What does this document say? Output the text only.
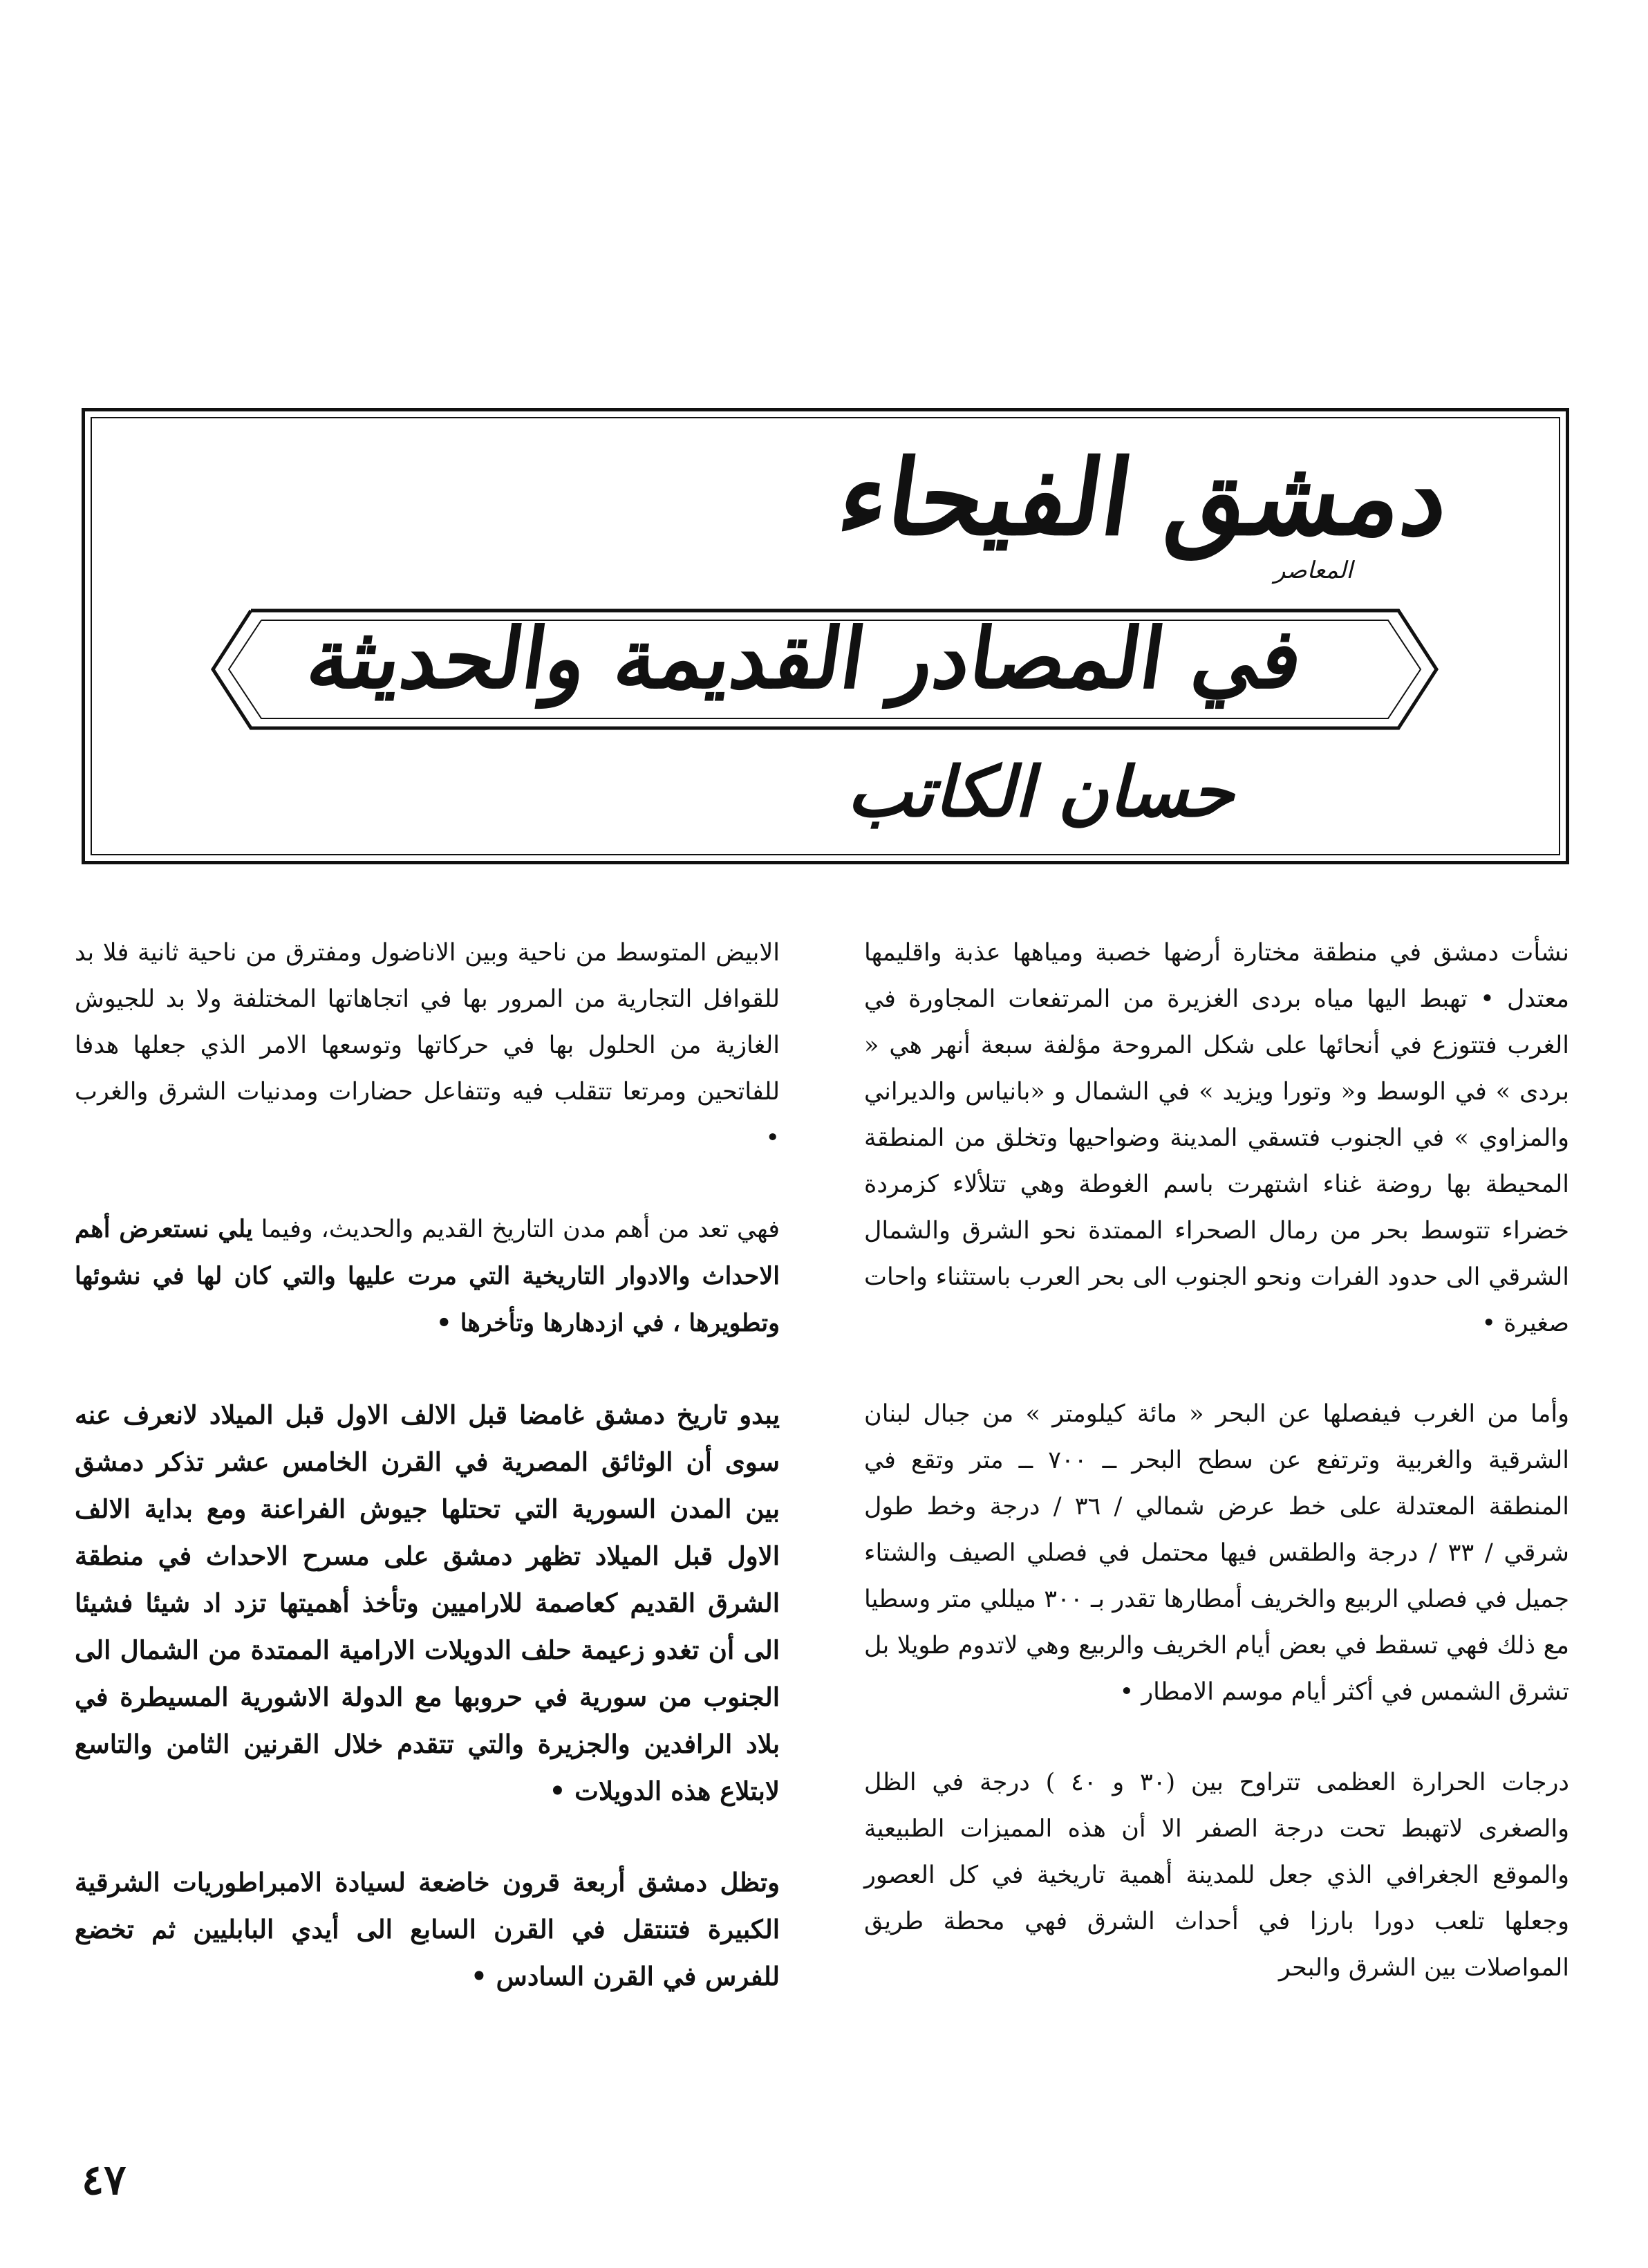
دمشق الفيحاء
المعاصر
في المصادر القديمة والحديثة
حسان الكاتب

نشأت دمشق في منطقة مختارة أرضها خصبة ومياهها عذبة واقليمها معتدل • تهبط اليها مياه بردى الغزيرة من المرتفعات المجاورة في الغرب فتتوزع في أنحائها على شكل المروحة مؤلفة سبعة أنهر هي « بردى » في الوسط و« وتورا ويزيد » في الشمال و «بانياس والديراني والمزاوي » في الجنوب فتسقي المدينة وضواحيها وتخلق من المنطقة المحيطة بها روضة غناء اشتهرت باسم الغوطة وهي تتلألاء كزمردة خضراء تتوسط بحر من رمال الصحراء الممتدة نحو الشرق والشمال الشرقي الى حدود الفرات ونحو الجنوب الى بحر العرب باستثناء واحات صغيرة •

وأما من الغرب فيفصلها عن البحر « مائة كيلومتر » من جبال لبنان الشرقية والغربية وترتفع عن سطح البحر ــ ٧٠٠ ــ متر وتقع في المنطقة المعتدلة على خط عرض شمالي / ٣٦ / درجة وخط طول شرقي / ٣٣ / درجة والطقس فيها محتمل في فصلي الصيف والشتاء جميل في فصلي الربيع والخريف أمطارها تقدر بـ ٣٠٠ ميللي متر وسطيا مع ذلك فهي تسقط في بعض أيام الخريف والربيع وهي لاتدوم طويلا بل تشرق الشمس في أكثر أيام موسم الامطار •

درجات الحرارة العظمى تتراوح بين (٣٠ و ٤٠ ) درجة في الظل والصغرى لاتهبط تحت درجة الصفر الا أن هذه المميزات الطبيعية والموقع الجغرافي الذي جعل للمدينة أهمية تاريخية في كل العصور وجعلها تلعب دورا بارزا في أحداث الشرق فهي محطة طريق المواصلات بين الشرق والبحر

الابيض المتوسط من ناحية وبين الاناضول ومفترق من ناحية ثانية فلا بد للقوافل التجارية من المرور بها في اتجاهاتها المختلفة ولا بد للجيوش الغازية من الحلول بها في حركاتها وتوسعها الامر الذي جعلها هدفا للفاتحين ومرتعا تتقلب فيه وتتفاعل حضارات ومدنيات الشرق والغرب •

فهي تعد من أهم مدن التاريخ القديم والحديث، وفيما يلي نستعرض أهم الاحداث والادوار التاريخية التي مرت عليها والتي كان لها في نشوئها وتطويرها ، في ازدهارها وتأخرها •

يبدو تاريخ دمشق غامضا قبل الالف الاول قبل الميلاد لانعرف عنه سوى أن الوثائق المصرية في القرن الخامس عشر تذكر دمشق بين المدن السورية التي تحتلها جيوش الفراعنة ومع بداية الالف الاول قبل الميلاد تظهر دمشق على مسرح الاحداث في منطقة الشرق القديم كعاصمة للاراميين وتأخذ أهميتها تزد اد شيئا فشيئا الى أن تغدو زعيمة حلف الدويلات الارامية الممتدة من الشمال الى الجنوب من سورية في حروبها مع الدولة الاشورية المسيطرة في بلاد الرافدين والجزيرة والتي تتقدم خلال القرنين الثامن والتاسع لابتلاع هذه الدويلات •

وتظل دمشق أربعة قرون خاضعة لسيادة الامبراطوريات الشرقية الكبيرة فتنتقل في القرن السابع الى أيدي البابليين ثم تخضع للفرس في القرن السادس •

٤٧
